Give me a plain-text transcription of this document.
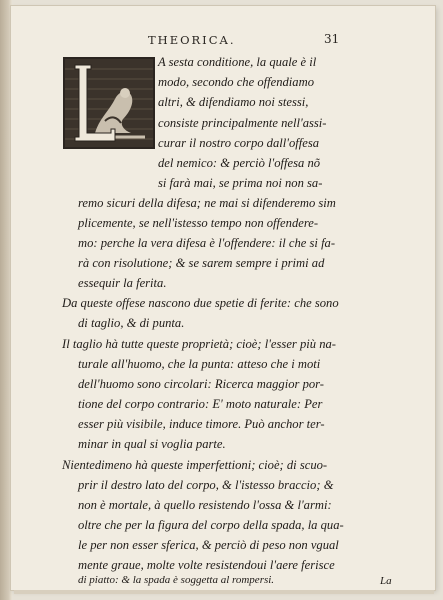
THEORICA.	31
A sesta conditione, la quale è il
modo, secondo che offendiamo
altri, & difendiamo noi stessi,
consiste principalmente nell'assi-
curar il nostro corpo dall'offesa
del nemico: & perciò l'offesa nõ
si farà mai, se prima noi non sa-
remo sicuri della difesa; ne mai si difenderemo sim
plicemente, se nell'istesso tempo non offendere-
mo: perche la vera difesa è l'offendere: il che si fa-
rà con risolutione; & se sarem sempre i primi ad
essequir la ferita.
Da queste offese nascono due spetie di ferite: che sono
di taglio, & di punta.
Il taglio hà tutte queste proprietà; cioè; l'esser più na-
turale all'huomo, che la punta: atteso che i moti
dell'huomo sono circolari: Ricerca maggior por-
tione del corpo contrario: E' moto naturale: Per
esser più visibile, induce timore. Può anchor ter-
minar in qual si voglia parte.
Nientedimeno hà queste imperfettioni; cioè; di scuo-
prir il destro lato del corpo, & l'istesso braccio; &
non è mortale, à quello resistendo l'ossa & l'armi:
oltre che per la figura del corpo della spada, la qua-
le per non esser sferica, & perciò di peso non vgual
mente graue, molte volte resistendoui l'aere ferisce
di piatto: & la spada è soggetta al rompersi.	La
